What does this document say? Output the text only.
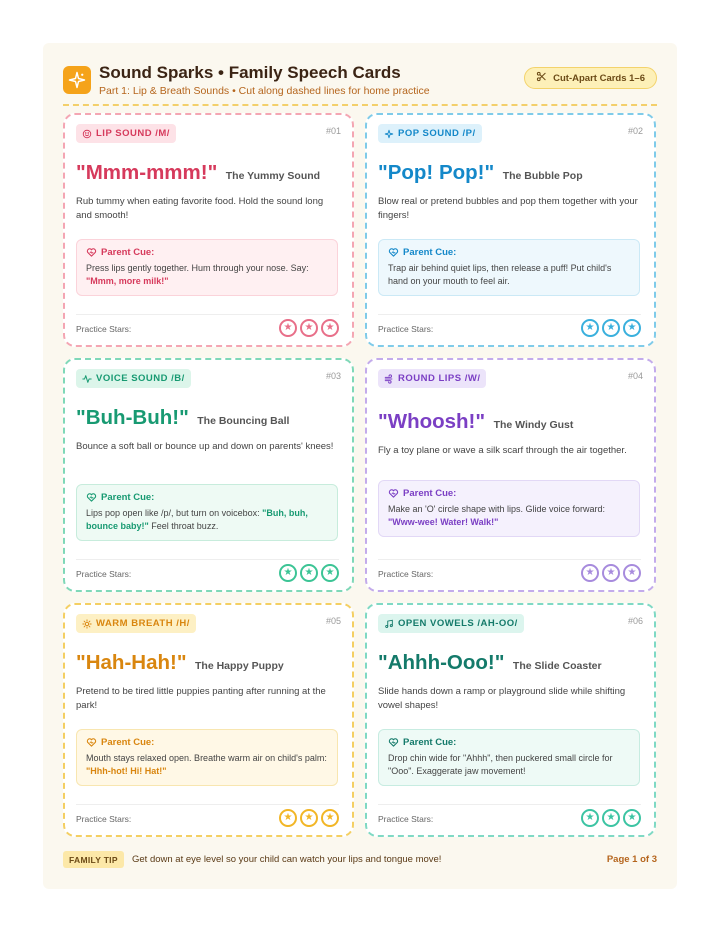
Sound Sparks • Family Speech Cards
Part 1: Lip & Breath Sounds • Cut along dashed lines for home practice
Cut-Apart Cards 1–6
LIP SOUND /M/	#01
"Mmm-mmm!" The Yummy Sound
Rub tummy when eating favorite food. Hold the sound long and smooth!
Parent Cue:
Press lips gently together. Hum through your nose. Say: "Mmm, more milk!"
Practice Stars:	★	★	★
POP SOUND /P/	#02
"Pop! Pop!" The Bubble Pop
Blow real or pretend bubbles and pop them together with your fingers!
Parent Cue:
Trap air behind quiet lips, then release a puff! Put child's hand on your mouth to feel air.
Practice Stars:	★	★	★
VOICE SOUND /B/	#03
"Buh-Buh!" The Bouncing Ball
Bounce a soft ball or bounce up and down on parents' knees!
Parent Cue:
Lips pop open like /p/, but turn on voicebox: "Buh, buh, bounce baby!" Feel throat buzz.
Practice Stars:	★	★	★
ROUND LIPS /W/	#04
"Whoosh!" The Windy Gust
Fly a toy plane or wave a silk scarf through the air together.
Parent Cue:
Make an 'O' circle shape with lips. Glide voice forward: "Www-wee! Water! Walk!"
Practice Stars:	★	★	★
WARM BREATH /H/	#05
"Hah-Hah!" The Happy Puppy
Pretend to be tired little puppies panting after running at the park!
Parent Cue:
Mouth stays relaxed open. Breathe warm air on child's palm: "Hhh-hot! Hi! Hat!"
Practice Stars:	★	★	★
OPEN VOWELS /AH-OO/	#06
"Ahhh-Ooo!" The Slide Coaster
Slide hands down a ramp or playground slide while shifting vowel shapes!
Parent Cue:
Drop chin wide for "Ahhh", then puckered small circle for "Ooo". Exaggerate jaw movement!
Practice Stars:	★	★	★
FAMILY TIP	Get down at eye level so your child can watch your lips and tongue move!	Page 1 of 3
